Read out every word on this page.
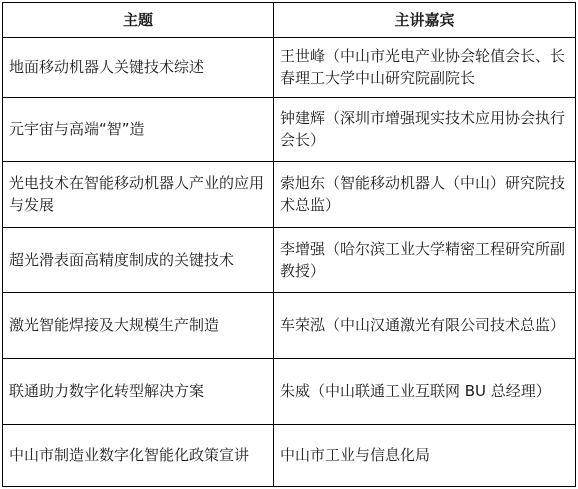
主题	主讲嘉宾
地面移动机器人关键技术综述	王世峰（中山市光电产业协会轮值会长、长春理工大学中山研究院副院长
元宇宙与高端“智”造	钟建辉（深圳市增强现实技术应用协会执行会长）
光电技术在智能移动机器人产业的应用与发展	索旭东（智能移动机器人（中山）研究院技术总监）
超光滑表面高精度制成的关键技术	李增强（哈尔滨工业大学精密工程研究所副教授）
激光智能焊接及大规模生产制造	车荣泓（中山汉通激光有限公司技术总监）
联通助力数字化转型解决方案	朱威（中山联通工业互联网 BU 总经理）
中山市制造业数字化智能化政策宣讲	中山市工业与信息化局
